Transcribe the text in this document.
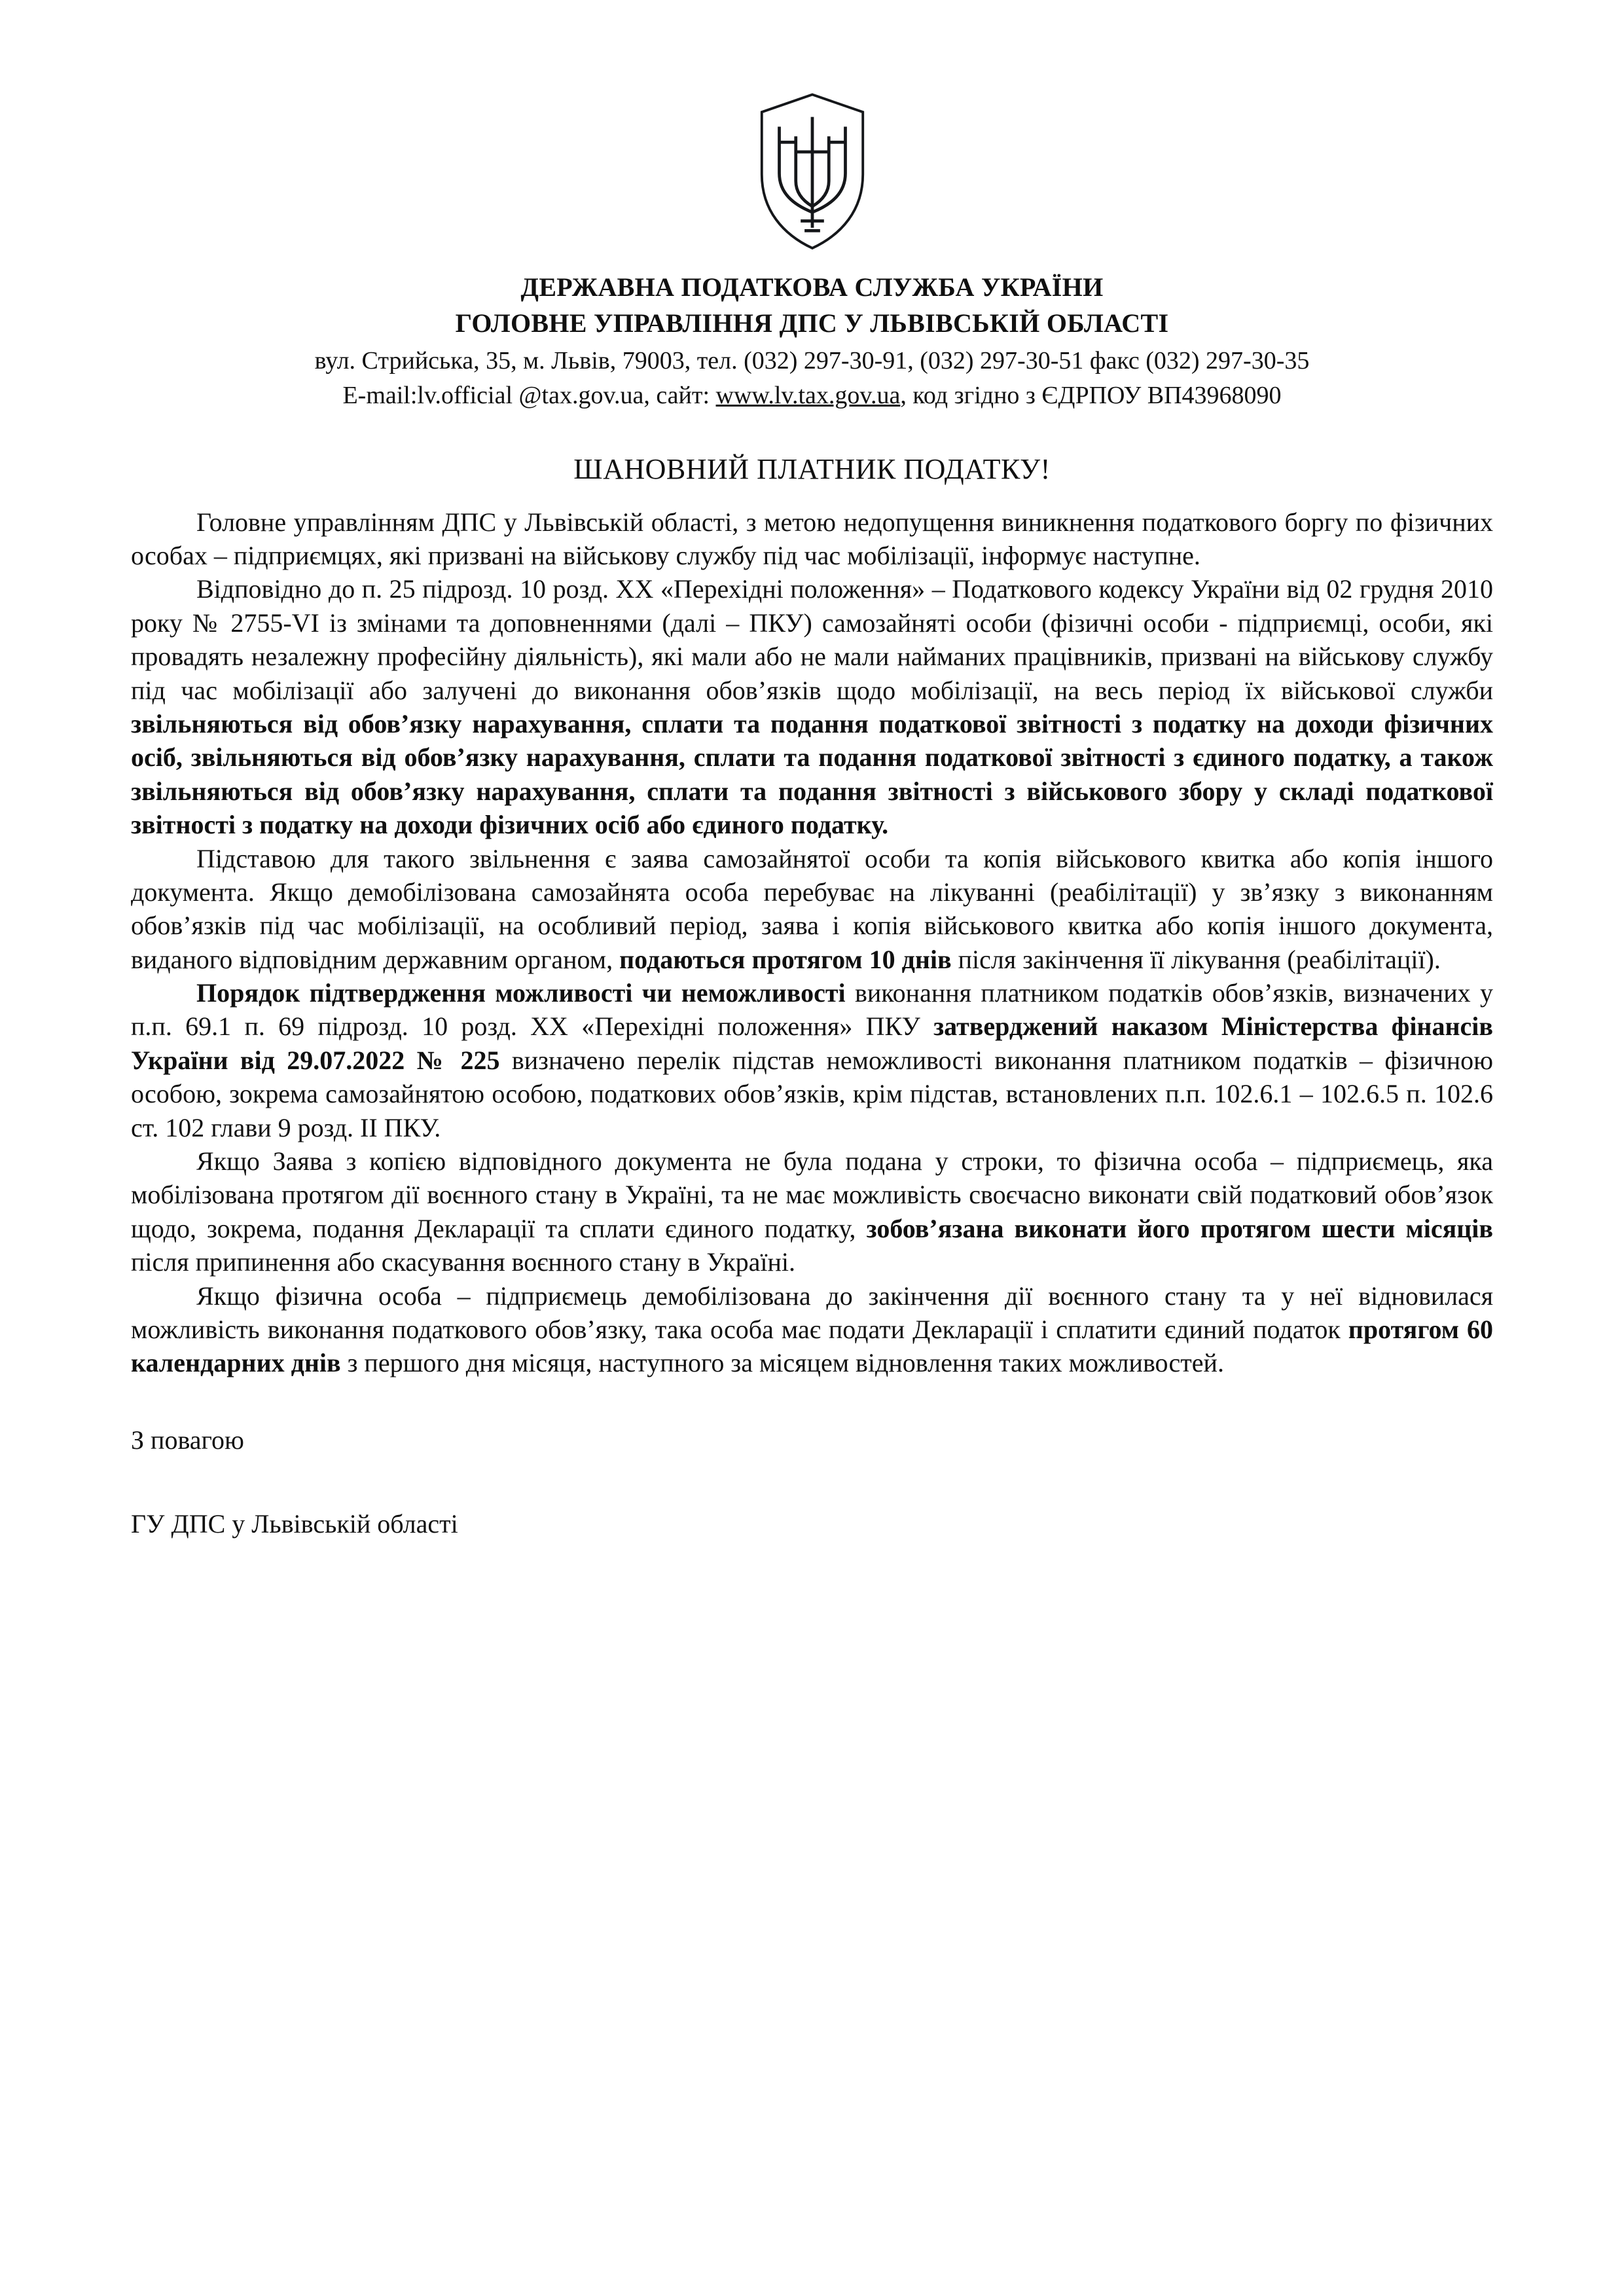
ДЕРЖАВНА ПОДАТКОВА СЛУЖБА УКРАЇНИ
ГОЛОВНЕ УПРАВЛІННЯ ДПС У ЛЬВІВСЬКІЙ ОБЛАСТІ
вул. Стрийська, 35, м. Львів, 79003, тел. (032) 297-30-91, (032) 297-30-51 факс (032) 297-30-35
E-mail:lv.official @tax.gov.ua, сайт: www.lv.tax.gov.ua, код згідно з ЄДРПОУ ВП43968090
ШАНОВНИЙ ПЛАТНИК ПОДАТКУ!

Головне управлінням ДПС у Львівській області, з метою недопущення виникнення податкового боргу по фізичних особах – підприємцях, які призвані на військову службу під час мобілізації, інформує наступне.

Відповідно до п. 25 підрозд. 10 розд. XX «Перехідні положення» – Податкового кодексу України від 02 грудня 2010 року № 2755-VI із змінами та доповненнями (далі – ПКУ) самозайняті особи (фізичні особи - підприємці, особи, які провадять незалежну професійну діяльність), які мали або не мали найманих працівників, призвані на військову службу під час мобілізації або залучені до виконання обов’язків щодо мобілізації, на весь період їх військової служби звільняються від обов’язку нарахування, сплати та подання податкової звітності з податку на доходи фізичних осіб, звільняються від обов’язку нарахування, сплати та подання податкової звітності з єдиного податку, а також звільняються від обов’язку нарахування, сплати та подання звітності з військового збору у складі податкової звітності з податку на доходи фізичних осіб або єдиного податку.

Підставою для такого звільнення є заява самозайнятої особи та копія військового квитка або копія іншого документа. Якщо демобілізована самозайнята особа перебуває на лікуванні (реабілітації) у зв’язку з виконанням обов’язків під час мобілізації, на особливий період, заява і копія військового квитка або копія іншого документа, виданого відповідним державним органом, подаються протягом 10 днів після закінчення її лікування (реабілітації).

Порядок підтвердження можливості чи неможливості виконання платником податків обов’язків, визначених у п.п. 69.1 п. 69 підрозд. 10 розд. XX «Перехідні положення» ПКУ затверджений наказом Міністерства фінансів України від 29.07.2022 № 225 визначено перелік підстав неможливості виконання платником податків – фізичною особою, зокрема самозайнятою особою, податкових обов’язків, крім підстав, встановлених п.п. 102.6.1 – 102.6.5 п. 102.6 ст. 102 глави 9 розд. II ПКУ.

Якщо Заява з копією відповідного документа не була подана у строки, то фізична особа – підприємець, яка мобілізована протягом дії воєнного стану в Україні, та не має можливість своєчасно виконати свій податковий обов’язок щодо, зокрема, подання Декларації та сплати єдиного податку, зобов’язана виконати його протягом шести місяців після припинення або скасування воєнного стану в Україні.

Якщо фізична особа – підприємець демобілізована до закінчення дії воєнного стану та у неї відновилася можливість виконання податкового обов’язку, така особа має подати Декларації і сплатити єдиний податок протягом 60 календарних днів з першого дня місяця, наступного за місяцем відновлення таких можливостей.

З повагою
ГУ ДПС у Львівській області
